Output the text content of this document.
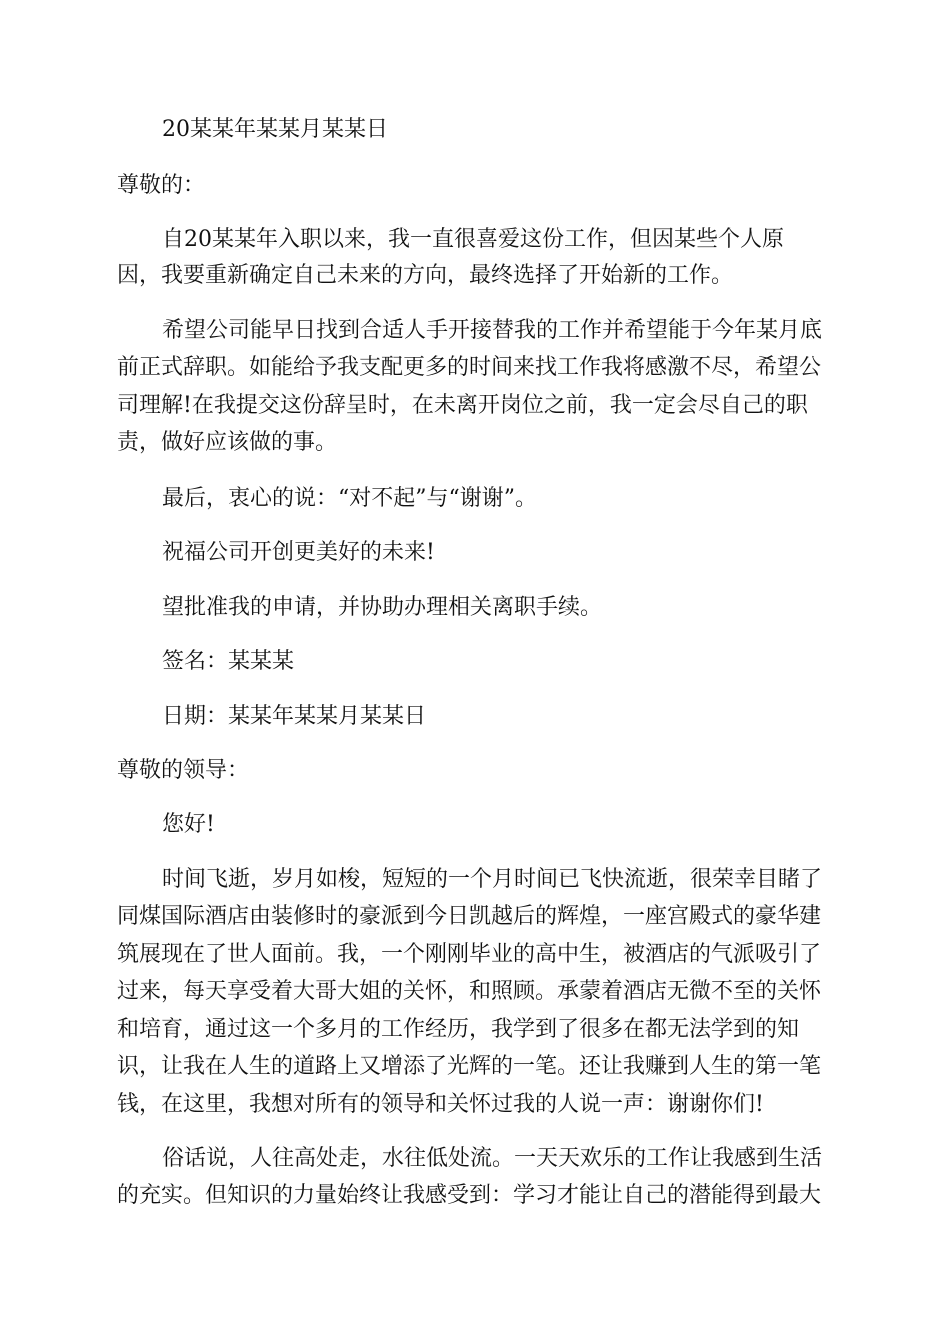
20某某年某某月某某日
尊敬的：
自20某某年入职以来，我一直很喜爱这份工作，但因某些个人原
因，我要重新确定自己未来的方向，最终选择了开始新的工作。
希望公司能早日找到合适人手开接替我的工作并希望能于今年某月底
前正式辞职。如能给予我支配更多的时间来找工作我将感激不尽，希望公
司理解!在我提交这份辞呈时，在未离开岗位之前，我一定会尽自己的职
责，做好应该做的事。
最后，衷心的说：“对不起”与“谢谢”。
祝福公司开创更美好的未来!
望批准我的申请，并协助办理相关离职手续。
签名：某某某
日期：某某年某某月某某日
尊敬的领导：
您好!
时间飞逝，岁月如梭，短短的一个月时间已飞快流逝，很荣幸目睹了
同煤国际酒店由装修时的豪派到今日凯越后的辉煌，一座宫殿式的豪华建
筑展现在了世人面前。我，一个刚刚毕业的高中生，被酒店的气派吸引了
过来，每天享受着大哥大姐的关怀，和照顾。承蒙着酒店无微不至的关怀
和培育，通过这一个多月的工作经历，我学到了很多在都无法学到的知
识，让我在人生的道路上又增添了光辉的一笔。还让我赚到人生的第一笔
钱，在这里，我想对所有的领导和关怀过我的人说一声：谢谢你们!
俗话说，人往高处走，水往低处流。一天天欢乐的工作让我感到生活
的充实。但知识的力量始终让我感受到：学习才能让自己的潜能得到最大
